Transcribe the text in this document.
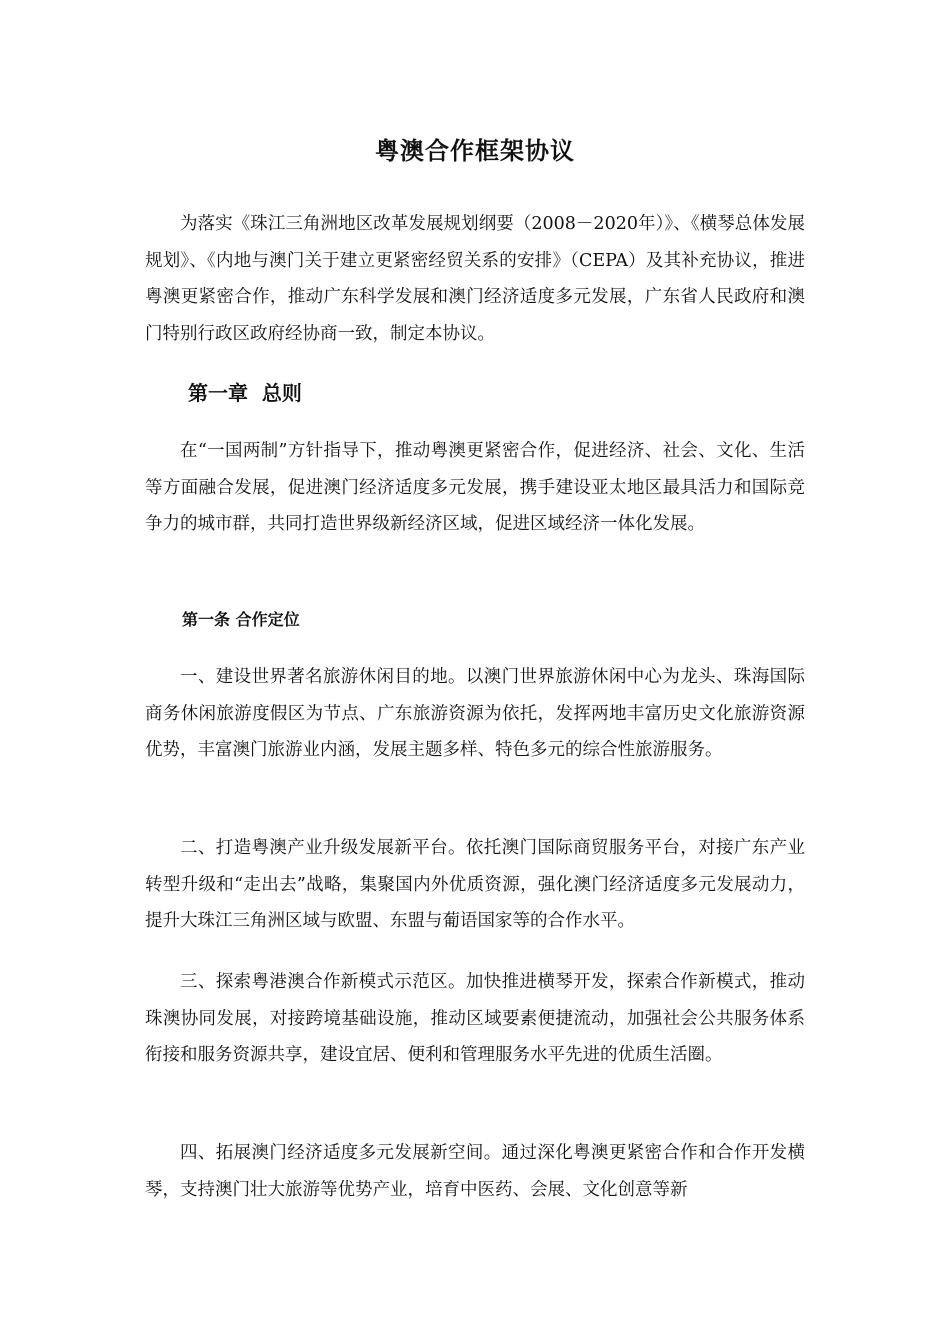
粤澳合作框架协议

为落实《珠江三角洲地区改革发展规划纲要（2008－2020年）》、《横琴总体发展规划》、《内地与澳门关于建立更紧密经贸关系的安排》（CEPA）及其补充协议，推进粤澳更紧密合作，推动广东科学发展和澳门经济适度多元发展，广东省人民政府和澳门特别行政区政府经协商一致，制定本协议。

第一章  总则

在“一国两制”方针指导下，推动粤澳更紧密合作，促进经济、社会、文化、生活等方面融合发展，促进澳门经济适度多元发展，携手建设亚太地区最具活力和国际竞争力的城市群，共同打造世界级新经济区域，促进区域经济一体化发展。

第一条 合作定位

一、建设世界著名旅游休闲目的地。以澳门世界旅游休闲中心为龙头、珠海国际商务休闲旅游度假区为节点、广东旅游资源为依托，发挥两地丰富历史文化旅游资源优势，丰富澳门旅游业内涵，发展主题多样、特色多元的综合性旅游服务。

二、打造粤澳产业升级发展新平台。依托澳门国际商贸服务平台，对接广东产业转型升级和“走出去”战略，集聚国内外优质资源，强化澳门经济适度多元发展动力，提升大珠江三角洲区域与欧盟、东盟与葡语国家等的合作水平。

三、探索粤港澳合作新模式示范区。加快推进横琴开发，探索合作新模式，推动珠澳协同发展，对接跨境基础设施，推动区域要素便捷流动，加强社会公共服务体系衔接和服务资源共享，建设宜居、便利和管理服务水平先进的优质生活圈。

四、拓展澳门经济适度多元发展新空间。通过深化粤澳更紧密合作和合作开发横琴，支持澳门壮大旅游等优势产业，培育中医药、会展、文化创意等新
